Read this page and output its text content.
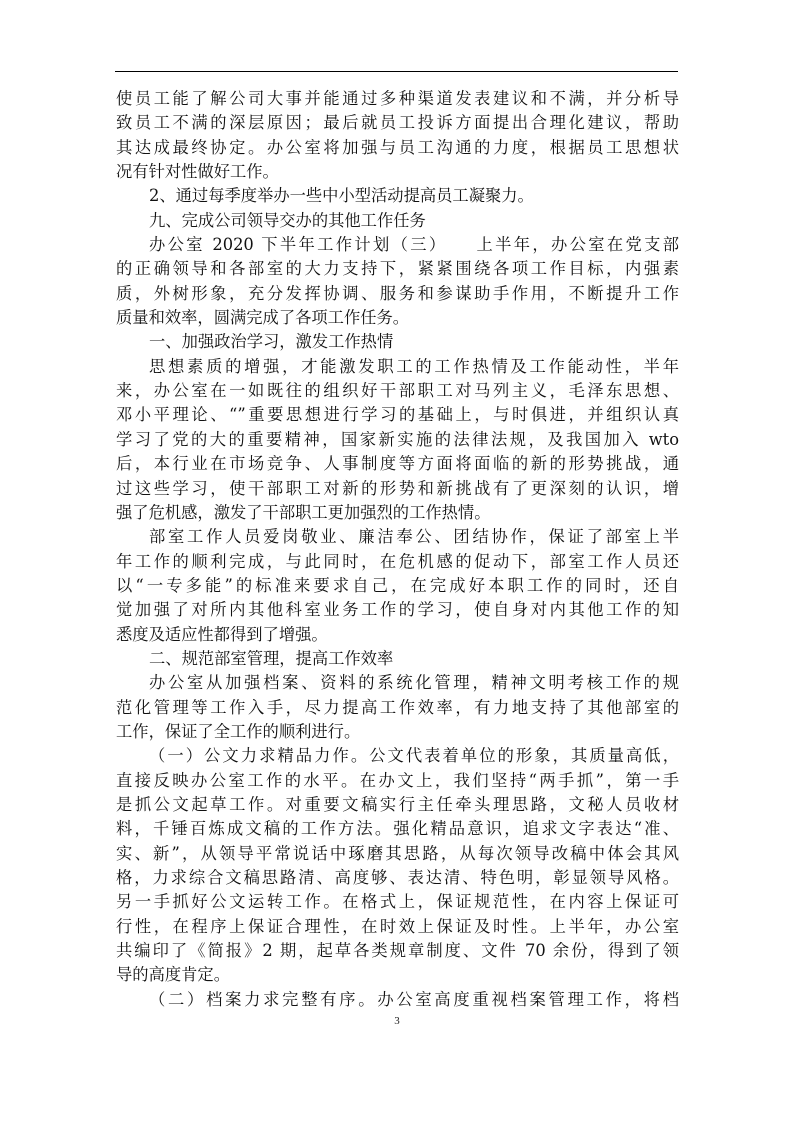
使员工能了解公司大事并能通过多种渠道发表建议和不满，并分析导
致员工不满的深层原因；最后就员工投诉方面提出合理化建议，帮助
其达成最终协定。办公室将加强与员工沟通的力度，根据员工思想状
况有针对性做好工作。
2、通过每季度举办一些中小型活动提高员工凝聚力。
九、完成公司领导交办的其他工作任务
办公室 2020 下半年工作计划（三）　　上半年，办公室在党支部
的正确领导和各部室的大力支持下，紧紧围绕各项工作目标，内强素
质，外树形象，充分发挥协调、服务和参谋助手作用，不断提升工作
质量和效率，圆满完成了各项工作任务。
一、加强政治学习，激发工作热情
思想素质的增强，才能激发职工的工作热情及工作能动性，半年
来，办公室在一如既往的组织好干部职工对马列主义，毛泽东思想、
邓小平理论、“”重要思想进行学习的基础上，与时俱进，并组织认真
学习了党的大的重要精神，国家新实施的法律法规，及我国加入 wto
后，本行业在市场竞争、人事制度等方面将面临的新的形势挑战，通
过这些学习，使干部职工对新的形势和新挑战有了更深刻的认识，增
强了危机感，激发了干部职工更加强烈的工作热情。
部室工作人员爱岗敬业、廉洁奉公、团结协作，保证了部室上半
年工作的顺利完成，与此同时，在危机感的促动下，部室工作人员还
以“一专多能”的标准来要求自己，在完成好本职工作的同时，还自
觉加强了对所内其他科室业务工作的学习，使自身对内其他工作的知
悉度及适应性都得到了增强。
二、规范部室管理，提高工作效率
办公室从加强档案、资料的系统化管理，精神文明考核工作的规
范化管理等工作入手，尽力提高工作效率，有力地支持了其他部室的
工作，保证了全工作的顺利进行。
（一）公文力求精品力作。公文代表着单位的形象，其质量高低，
直接反映办公室工作的水平。在办文上，我们坚持“两手抓”，第一手
是抓公文起草工作。对重要文稿实行主任牵头理思路，文秘人员收材
料，千锤百炼成文稿的工作方法。强化精品意识，追求文字表达“准、
实、新”，从领导平常说话中琢磨其思路，从每次领导改稿中体会其风
格，力求综合文稿思路清、高度够、表达清、特色明，彰显领导风格。
另一手抓好公文运转工作。在格式上，保证规范性，在内容上保证可
行性，在程序上保证合理性，在时效上保证及时性。上半年，办公室
共编印了《简报》2 期，起草各类规章制度、文件 70 余份，得到了领
导的高度肯定。
（二）档案力求完整有序。办公室高度重视档案管理工作，将档
3
